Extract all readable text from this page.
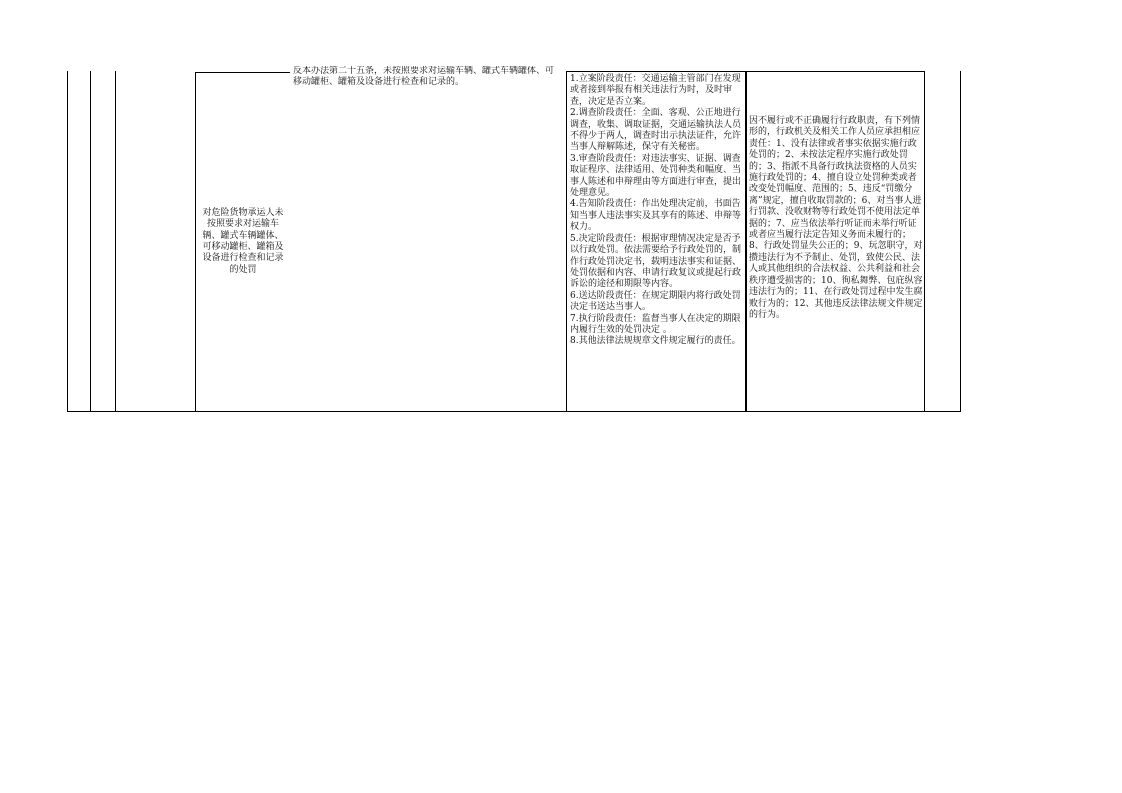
对危险货物承运人未按照要求对运输车辆、罐式车辆罐体、可移动罐柜、罐箱及设备进行检查和记录的处罚
反本办法第二十五条，未按照要求对运输车辆、罐式车辆罐体、可移动罐柜、罐箱及设备进行检查和记录的。	1.立案阶段责任：交通运输主管部门在发现或者接到举报有相关违法行为时，及时审查，决定是否立案。

2.调查阶段责任：全面、客观、公正地进行调查，收集、调取证据，交通运输执法人员不得少于两人，调查时出示执法证件，允许当事人辩解陈述，保守有关秘密。

3.审查阶段责任：对违法事实、证据、调查取证程序、法律适用、处罚种类和幅度、当事人陈述和申辩理由等方面进行审查，提出处理意见。

4.告知阶段责任：作出处理决定前，书面告知当事人违法事实及其享有的陈述、申辩等权力。

5.决定阶段责任：根据审理情况决定是否予以行政处罚。依法需要给予行政处罚的，制作行政处罚决定书，载明违法事实和证据、处罚依据和内容、申请行政复议或提起行政诉讼的途径和期限等内容。

6.送达阶段责任：在规定期限内将行政处罚决定书送达当事人。

7.执行阶段责任：监督当事人在决定的期限内履行生效的处罚决定 。

8.其他法律法规规章文件规定履行的责任。

因不履行或不正确履行行政职责，有下列情形的，行政机关及相关工作人员应承担相应责任：1、没有法律或者事实依据实施行政处罚的；2、未按法定程序实施行政处罚的；3、指派不具备行政执法资格的人员实施行政处罚的；4、擅自设立处罚种类或者改变处罚幅度、范围的；5、违反“罚缴分离”规定，擅自收取罚款的；6、对当事人进行罚款、没收财物等行政处罚不使用法定单据的；7、应当依法举行听证而未举行听证或者应当履行法定告知义务而未履行的；8、行政处罚显失公正的；9、玩忽职守，对攒违法行为不予制止、处罚，致使公民、法人或其他组织的合法权益、公共利益和社会秩序遭受损害的；10、徇私舞弊、包庇纵容违法行为的；11、在行政处罚过程中发生腐败行为的；12、其他违反法律法规文件规定的行为。
